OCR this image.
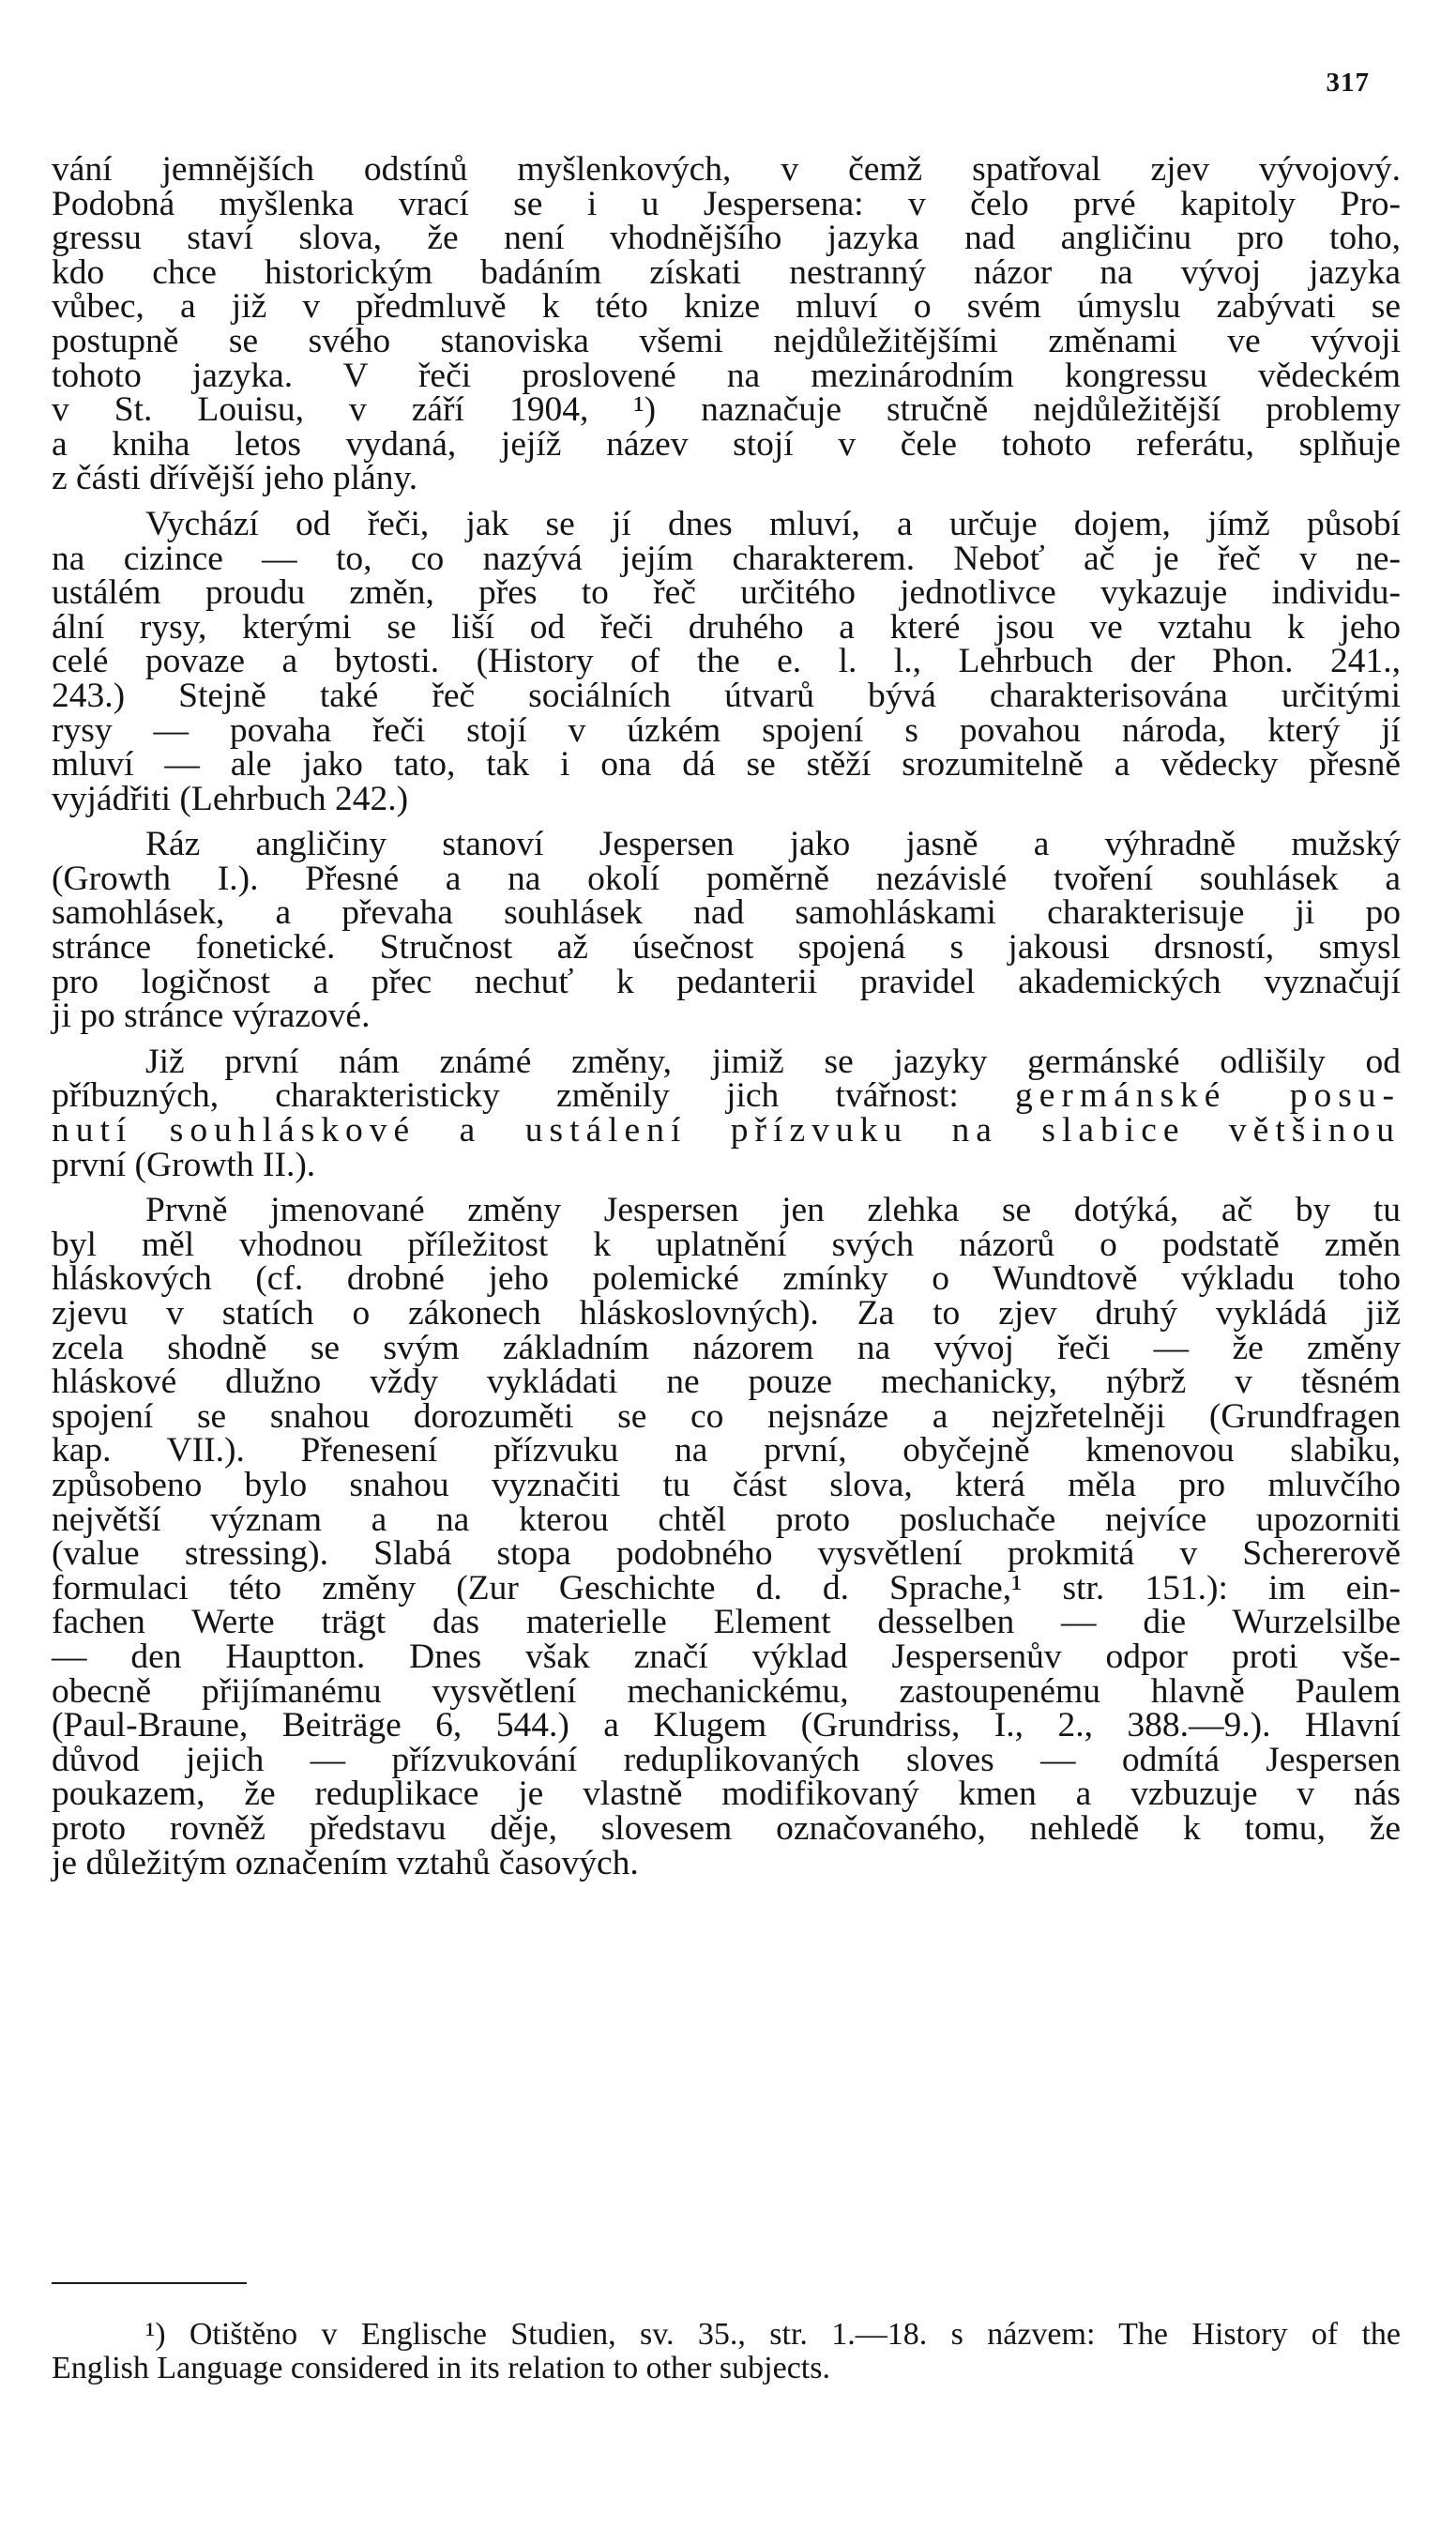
317
vání jemnějších odstínů myšlenkových, v čemž spatřoval zjev vývojový.
Podobná myšlenka vrací se i u Jespersena: v čelo prvé kapitoly Pro-
gressu staví slova, že není vhodnějšího jazyka nad angličinu pro toho,
kdo chce historickým badáním získati nestranný názor na vývoj jazyka
vůbec, a již v předmluvě k této knize mluví o svém úmyslu zabývati se
postupně se svého stanoviska všemi nejdůležitějšími změnami ve vývoji
tohoto jazyka. V řeči proslovené na mezinárodním kongressu vědeckém
v St. Louisu, v září 1904, ¹) naznačuje stručně nejdůležitější problemy
a kniha letos vydaná, jejíž název stojí v čele tohoto referátu, splňuje
z části dřívější jeho plány.
Vychází od řeči, jak se jí dnes mluví, a určuje dojem, jímž působí
na cizince — to, co nazývá jejím charakterem. Neboť ač je řeč v ne-
ustálém proudu změn, přes to řeč určitého jednotlivce vykazuje individu-
ální rysy, kterými se liší od řeči druhého a které jsou ve vztahu k jeho
celé povaze a bytosti. (History of the e. l. l., Lehrbuch der Phon. 241.,
243.) Stejně také řeč sociálních útvarů bývá charakterisována určitými
rysy — povaha řeči stojí v úzkém spojení s povahou národa, který jí
mluví — ale jako tato, tak i ona dá se stěží srozumitelně a vědecky přesně
vyjádřiti (Lehrbuch 242.)
Ráz angličiny stanoví Jespersen jako jasně a výhradně mužský
(Growth I.). Přesné a na okolí poměrně nezávislé tvoření souhlásek a
samohlásek, a převaha souhlásek nad samohláskami charakterisuje ji po
stránce fonetické. Stručnost až úsečnost spojená s jakousi drsností, smysl
pro logičnost a přec nechuť k pedanterii pravidel akademických vyznačují
ji po stránce výrazové.
Již první nám známé změny, jimiž se jazyky germánské odlišily od
příbuzných, charakteristicky změnily jich tvářnost: germánské posu-
nutí souhláskové a ustálení přízvuku na slabice většinou
první (Growth II.).
Prvně jmenované změny Jespersen jen zlehka se dotýká, ač by tu
byl měl vhodnou příležitost k uplatnění svých názorů o podstatě změn
hláskových (cf. drobné jeho polemické zmínky o Wundtově výkladu toho
zjevu v statích o zákonech hláskoslovných). Za to zjev druhý vykládá již
zcela shodně se svým základním názorem na vývoj řeči — že změny
hláskové dlužno vždy vykládati ne pouze mechanicky, nýbrž v těsném
spojení se snahou dorozuměti se co nejsnáze a nejzřetelněji (Grundfragen
kap. VII.). Přenesení přízvuku na první, obyčejně kmenovou slabiku,
způsobeno bylo snahou vyznačiti tu část slova, která měla pro mluvčího
největší význam a na kterou chtěl proto posluchače nejvíce upozorniti
(value stressing). Slabá stopa podobného vysvětlení prokmitá v Schererově
formulaci této změny (Zur Geschichte d. d. Sprache,¹ str. 151.): im ein-
fachen Werte trägt das materielle Element desselben — die Wurzelsilbe
— den Hauptton. Dnes však značí výklad Jespersenův odpor proti vše-
obecně přijímanému vysvětlení mechanickému, zastoupenému hlavně Paulem
(Paul-Braune, Beiträge 6, 544.) a Klugem (Grundriss, I., 2., 388.—9.). Hlavní
důvod jejich — přízvukování reduplikovaných sloves — odmítá Jespersen
poukazem, že reduplikace je vlastně modifikovaný kmen a vzbuzuje v nás
proto rovněž představu děje, slovesem označovaného, nehledě k tomu, že
je důležitým označením vztahů časových.
¹) Otištěno v Englische Studien, sv. 35., str. 1.—18. s názvem: The History of the
English Language considered in its relation to other subjects.
